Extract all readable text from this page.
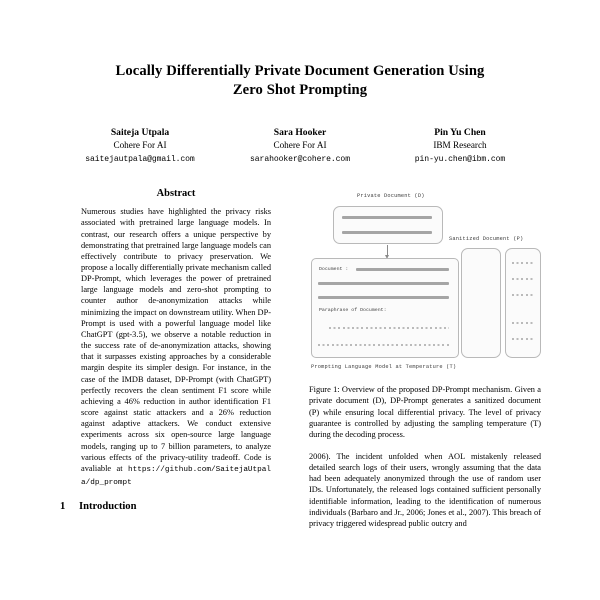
Locally Differentially Private Document Generation Using
Zero Shot Prompting
Saiteja Utpala
Cohere For AI
saitejautpala@gmail.com
Sara Hooker
Cohere For AI
sarahooker@cohere.com
Pin Yu Chen
IBM Research
pin-yu.chen@ibm.com
Abstract
Numerous studies have highlighted the privacy risks associated with pretrained large language models. In contrast, our research offers a unique perspective by demonstrating that pretrained large language models can effectively contribute to privacy preservation. We propose a locally differentially private mechanism called DP-Prompt, which leverages the power of pretrained large language models and zero-shot prompting to counter author de-anonymization attacks while minimizing the impact on downstream utility. When DP-Prompt is used with a powerful language model like ChatGPT (gpt-3.5), we observe a notable reduction in the success rate of de-anonymization attacks, showing that it surpasses existing approaches by a considerable margin despite its simpler design. For instance, in the case of the IMDB dataset, DP-Prompt (with ChatGPT) perfectly recovers the clean sentiment F1 score while achieving a 46% reduction in author identification F1 score against static attackers and a 26% reduction against adaptive attackers. We conduct extensive experiments across six open-source large language models, ranging up to 7 billion parameters, to analyze various effects of the privacy-utility tradeoff. Code is avaliable at https://github.com/SaitejaUtpala/dp_prompt
1	Introduction
Private Document (D)
Sanitized Document (P)
Prompting Language Model at Temperature (T)
Document :
Paraphrase of Document:
Figure 1: Overview of the proposed DP-Prompt mechanism. Given a private document (D), DP-Prompt generates a sanitized document (P) while ensuring local differential privacy. The level of privacy guarantee is controlled by adjusting the sampling temperature (T) during the decoding process.
2006). The incident unfolded when AOL mistakenly released detailed search logs of their users, wrongly assuming that the data had been adequately anonymized through the use of random user IDs. Unfortunately, the released logs contained sufficient personally identifiable information, leading to the identification of numerous individuals (Barbaro and Jr., 2006; Jones et al., 2007). This breach of privacy triggered widespread public outcry and
